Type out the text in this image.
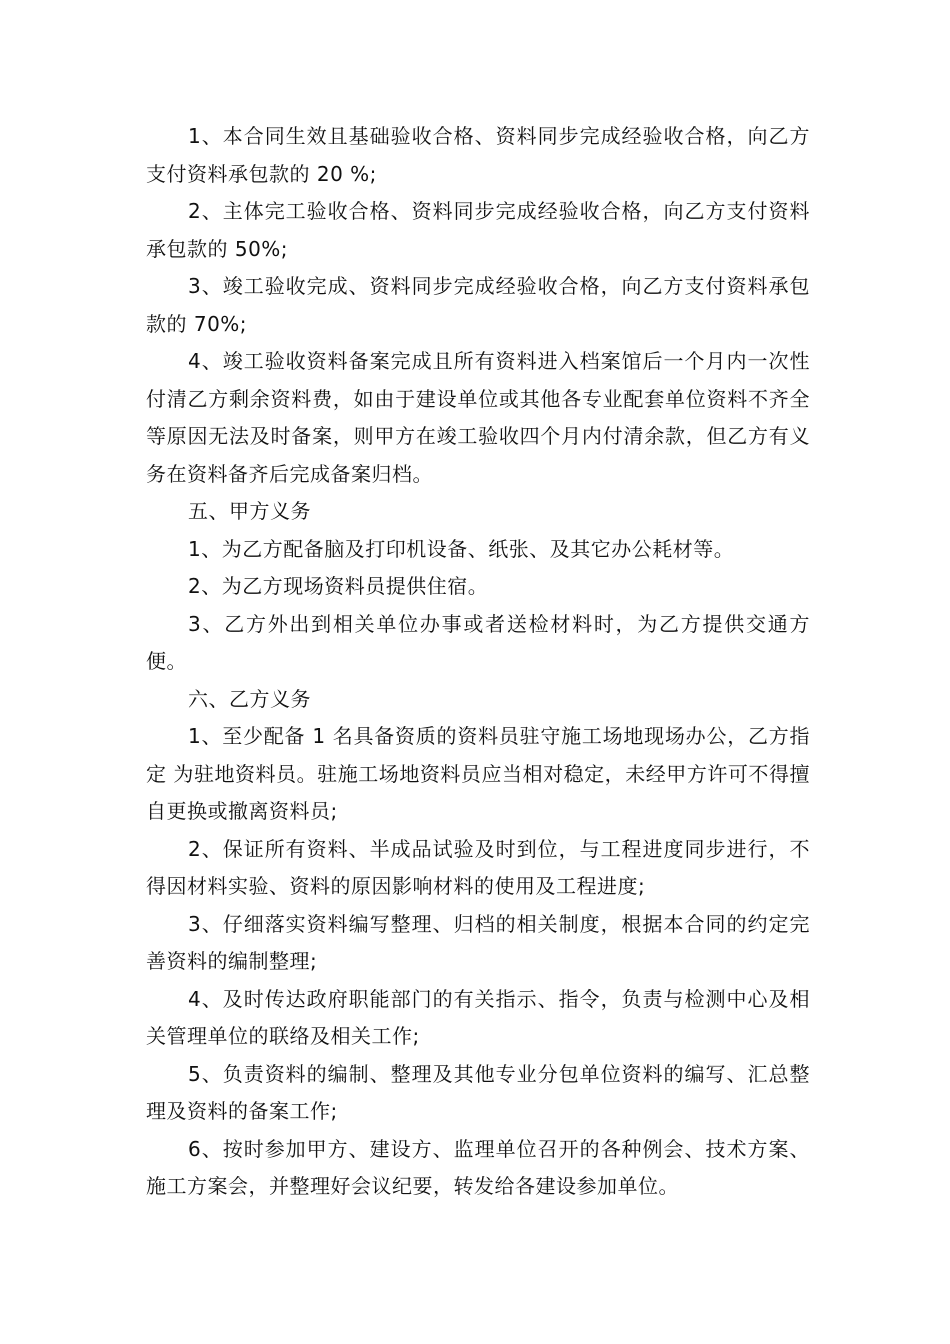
1、本合同生效且基础验收合格、资料同步完成经验收合格，向乙方支付资料承包款的 20 %;

2、主体完工验收合格、资料同步完成经验收合格，向乙方支付资料承包款的 50%;

3、竣工验收完成、资料同步完成经验收合格，向乙方支付资料承包款的 70%;

4、竣工验收资料备案完成且所有资料进入档案馆后一个月内一次性付清乙方剩余资料费，如由于建设单位或其他各专业配套单位资料不齐全等原因无法及时备案，则甲方在竣工验收四个月内付清余款，但乙方有义务在资料备齐后完成备案归档。

五、甲方义务

1、为乙方配备脑及打印机设备、纸张、及其它办公耗材等。

2、为乙方现场资料员提供住宿。

3、乙方外出到相关单位办事或者送检材料时，为乙方提供交通方便。

六、乙方义务

1、至少配备 1 名具备资质的资料员驻守施工场地现场办公，乙方指定 为驻地资料员。驻施工场地资料员应当相对稳定，未经甲方许可不得擅自更换或撤离资料员;

2、保证所有资料、半成品试验及时到位，与工程进度同步进行，不得因材料实验、资料的原因影响材料的使用及工程进度;

3、仔细落实资料编写整理、归档的相关制度，根据本合同的约定完善资料的编制整理;

4、及时传达政府职能部门的有关指示、指令，负责与检测中心及相关管理单位的联络及相关工作;

5、负责资料的编制、整理及其他专业分包单位资料的编写、汇总整理及资料的备案工作;

6、按时参加甲方、建设方、监理单位召开的各种例会、技术方案、施工方案会，并整理好会议纪要，转发给各建设参加单位。
